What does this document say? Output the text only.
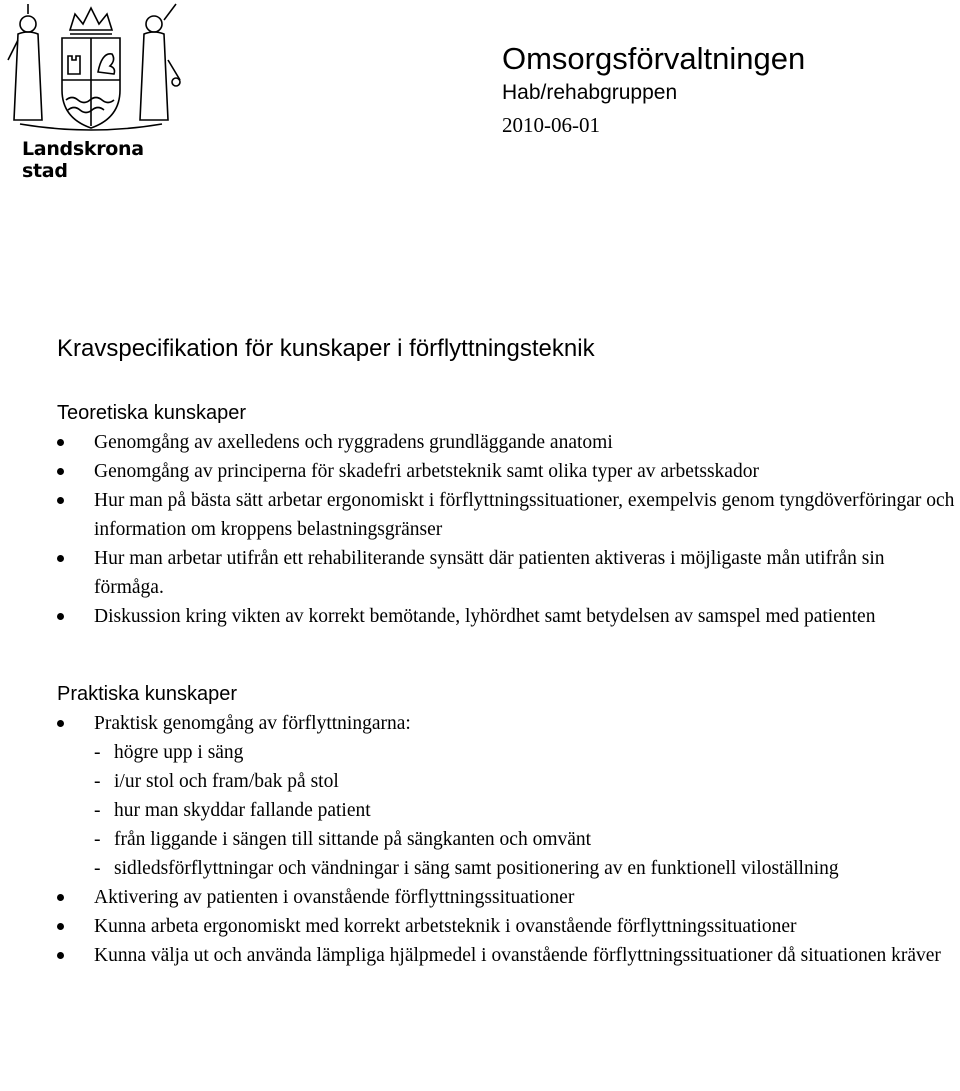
Landskrona stad
Omsorgsförvaltningen
Hab/rehabgruppen
2010-06-01
Kravspecifikation för kunskaper i förflyttningsteknik
Teoretiska kunskaper
Genomgång av axelledens och ryggradens grundläggande anatomi
Genomgång av principerna för skadefri arbetsteknik samt olika typer av arbetsskador
Hur man på bästa sätt arbetar ergonomiskt i förflyttningssituationer, exempelvis genom tyngdöverföringar och information om kroppens belastningsgränser
Hur man arbetar utifrån ett rehabiliterande synsätt där patienten aktiveras i möjligaste mån utifrån sin förmåga.
Diskussion kring vikten av korrekt bemötande, lyhördhet samt betydelsen av samspel med patienten
Praktiska kunskaper
Praktisk genomgång av förflyttningarna:
- högre upp i säng
- i/ur stol och fram/bak på stol
- hur man skyddar fallande patient
- från liggande i sängen till sittande på sängkanten och omvänt
- sidledsförflyttningar och vändningar i säng samt positionering av en funktionell viloställning
Aktivering av patienten i ovanstående förflyttningssituationer
Kunna arbeta ergonomiskt med korrekt arbetsteknik i ovanstående förflyttningssituationer
Kunna välja ut och använda lämpliga hjälpmedel i ovanstående förflyttningssituationer då situationen kräver
